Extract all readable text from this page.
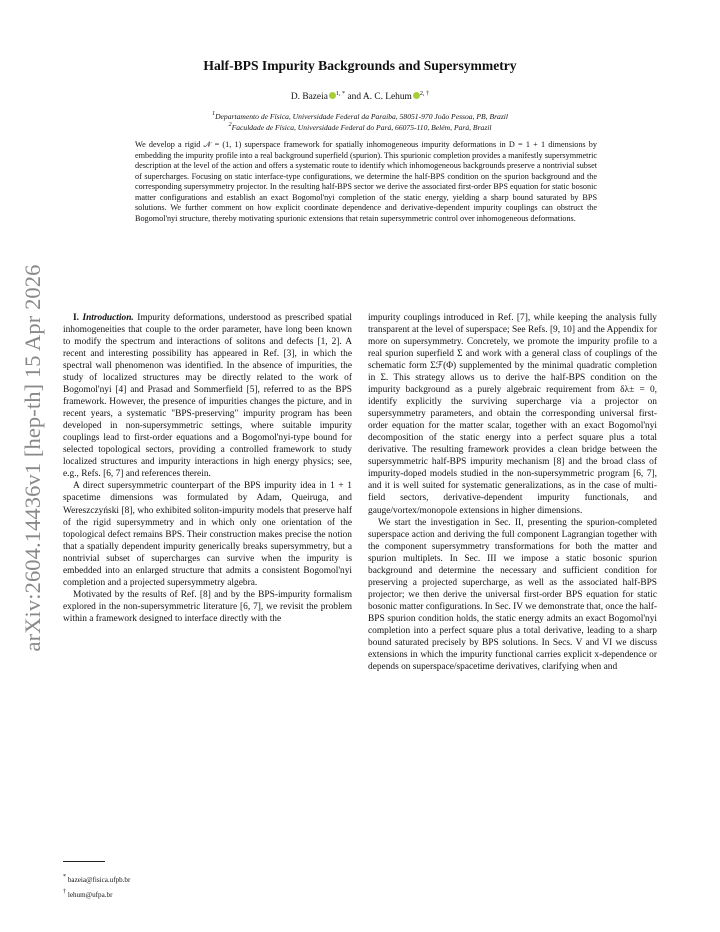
arXiv:2604.14436v1 [hep-th] 15 Apr 2026
Half-BPS Impurity Backgrounds and Supersymmetry
D. Bazeia $^{1, *}$ and A. C. Lehum $^{2, \dagger}$
$^1$Departamento de Física, Universidade Federal da Paraíba, 58051-970 João Pessoa, PB, Brazil
$^2$Faculdade de Física, Universidade Federal do Pará, 66075-110, Belém, Pará, Brazil
We develop a rigid 𝒩 = (1, 1) superspace framework for spatially inhomogeneous impurity deformations in D = 1 + 1 dimensions by embedding the impurity profile into a real background superfield (spurion). This spurionic completion provides a manifestly supersymmetric description at the level of the action and offers a systematic route to identify which inhomogeneous backgrounds preserve a nontrivial subset of supercharges. Focusing on static interface-type configurations, we determine the half-BPS condition on the spurion background and the corresponding supersymmetry projector. In the resulting half-BPS sector we derive the associated first-order BPS equation for static bosonic matter configurations and establish an exact Bogomol'nyi completion of the static energy, yielding a sharp bound saturated by BPS solutions. We further comment on how explicit coordinate dependence and derivative-dependent impurity couplings can obstruct the Bogomol'nyi structure, thereby motivating spurionic extensions that retain supersymmetric control over inhomogeneous deformations.

I. Introduction. Impurity deformations, understood as prescribed spatial inhomogeneities that couple to the order parameter, have long been known to modify the spectrum and interactions of solitons and defects [1, 2]. A recent and interesting possibility has appeared in Ref. [3], in which the spectral wall phenomenon was identified. In the absence of impurities, the study of localized structures may be directly related to the work of Bogomol'nyi [4] and Prasad and Sommerfield [5], referred to as the BPS framework. However, the presence of impurities changes the picture, and in recent years, a systematic "BPS-preserving" impurity program has been developed in non-supersymmetric settings, where suitable impurity couplings lead to first-order equations and a Bogomol'nyi-type bound for selected topological sectors, providing a controlled framework to study localized structures and impurity interactions in high energy physics; see, e.g., Refs. [6, 7] and references therein.

A direct supersymmetric counterpart of the BPS impurity idea in 1 + 1 spacetime dimensions was formulated by Adam, Queiruga, and Wereszczyński [8], who exhibited soliton-impurity models that preserve half of the rigid supersymmetry and in which only one orientation of the topological defect remains BPS. Their construction makes precise the notion that a spatially dependent impurity generically breaks supersymmetry, but a nontrivial subset of supercharges can survive when the impurity is embedded into an enlarged structure that admits a consistent Bogomol'nyi completion and a projected supersymmetry algebra.

Motivated by the results of Ref. [8] and by the BPS-impurity formalism explored in the non-supersymmetric literature [6, 7], we revisit the problem within a framework designed to interface directly with the

impurity couplings introduced in Ref. [7], while keeping the analysis fully transparent at the level of superspace; See Refs. [9, 10] and the Appendix for more on supersymmetry. Concretely, we promote the impurity profile to a real spurion superfield Σ and work with a general class of couplings of the schematic form Σℱ(Φ) supplemented by the minimal quadratic completion in Σ. This strategy allows us to derive the half-BPS condition on the impurity background as a purely algebraic requirement from δλ± = 0, identify explicitly the surviving supercharge via a projector on supersymmetry parameters, and obtain the corresponding universal first-order equation for the matter scalar, together with an exact Bogomol'nyi decomposition of the static energy into a perfect square plus a total derivative. The resulting framework provides a clean bridge between the supersymmetric half-BPS impurity mechanism [8] and the broad class of impurity-doped models studied in the non-supersymmetric program [6, 7], and it is well suited for systematic generalizations, as in the case of multi-field sectors, derivative-dependent impurity functionals, and gauge/vortex/monopole extensions in higher dimensions.

We start the investigation in Sec. II, presenting the spurion-completed superspace action and deriving the full component Lagrangian together with the component supersymmetry transformations for both the matter and spurion multiplets. In Sec. III we impose a static bosonic spurion background and determine the necessary and sufficient condition for preserving a projected supercharge, as well as the associated half-BPS projector; we then derive the universal first-order BPS equation for static bosonic matter configurations. In Sec. IV we demonstrate that, once the half-BPS spurion condition holds, the static energy admits an exact Bogomol'nyi completion into a perfect square plus a total derivative, leading to a sharp bound saturated precisely by BPS solutions. In Secs. V and VI we discuss extensions in which the impurity functional carries explicit x-dependence or depends on superspace/spacetime derivatives, clarifying when and

* bazeia@fisica.ufpb.br
† lehum@ufpa.br
